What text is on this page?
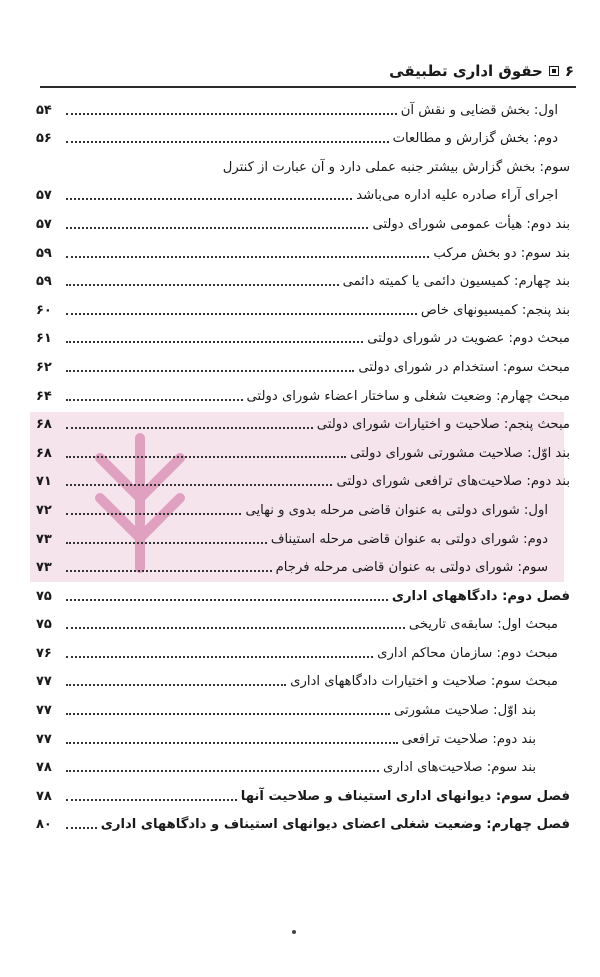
۶
حقوق اداری تطبیقی
اول: بخش قضایی و نقش آن
۵۴
دوم: بخش گزارش و مطالعات
۵۶
سوم: بخش گزارش بیشتر جنبه عملی دارد و آن عبارت از کنترل
اجرای آراء صادره علیه اداره می‌باشد
۵۷
بند دوم: هیأت عمومی شورای دولتی
۵۷
بند سوم: دو بخش مرکب
۵۹
بند چهارم: کمیسیون دائمی یا کمیته دائمی
۵۹
بند پنجم: کمیسیونهای خاص
۶۰
مبحث دوم: عضویت در شورای دولتی
۶۱
مبحث سوم: استخدام در شورای دولتی
۶۲
مبحث چهارم: وضعیت شغلی و ساختار اعضاء شورای دولتی
۶۴
مبحث پنجم: صلاحیت و اختیارات شورای دولتی
۶۸
بند اوّل: صلاحیت مشورتی شورای دولتی
۶۸
بند دوم: صلاحیت‌های ترافعی شورای دولتی
۷۱
اول: شورای دولتی به عنوان قاضی مرحله بدوی و نهایی
۷۲
دوم: شورای دولتی به عنوان قاضی مرحله استیناف
۷۳
سوم: شورای دولتی به عنوان قاضی مرحله فرجام
۷۳
فصل دوم: دادگاههای اداری
۷۵
مبحث اول: سابقه‌ی تاریخی
۷۵
مبحث دوم: سازمان محاکم اداری
۷۶
مبحث سوم: صلاحیت و اختیارات دادگاههای اداری
۷۷
بند اوّل: صلاحیت مشورتی
۷۷
بند دوم: صلاحیت ترافعی
۷۷
بند سوم: صلاحیت‌های اداری
۷۸
فصل سوم: دیوانهای اداری استیناف و صلاحیت آنها
۷۸
فصل چهارم: وضعیت شغلی اعضای دیوانهای استیناف و دادگاههای اداری
۸۰
